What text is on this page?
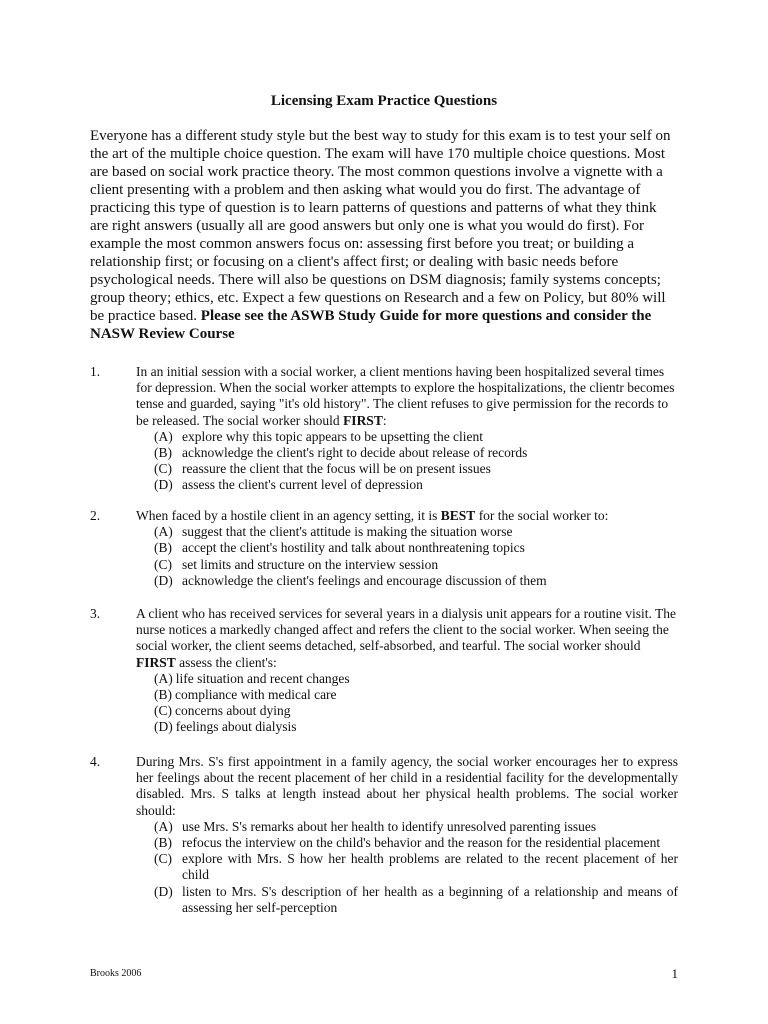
Licensing Exam Practice Questions
Everyone has a different study style but the best way to study for this exam is to test your self on the art of the multiple choice question. The exam will have 170 multiple choice questions. Most are based on social work practice theory. The most common questions involve a vignette with a client presenting with a problem and then asking what would you do first. The advantage of practicing this type of question is to learn patterns of questions and patterns of what they think are right answers (usually all are good answers but only one is what you would do first). For example the most common answers focus on: assessing first before you treat; or building a relationship first; or focusing on a client's affect first; or dealing with basic needs before psychological needs. There will also be questions on DSM diagnosis; family systems concepts; group theory; ethics, etc. Expect a few questions on Research and a few on Policy, but 80% will be practice based. Please see the ASWB Study Guide for more questions and consider the NASW Review Course
1.	In an initial session with a social worker, a client mentions having been hospitalized several times for depression. When the social worker attempts to explore the hospitalizations, the clientr becomes tense and guarded, saying "it's old history". The client refuses to give permission for the records to be released. The social worker should FIRST:
(A) explore why this topic appears to be upsetting the client
(B) acknowledge the client's right to decide about release of records
(C) reassure the client that the focus will be on present issues
(D) assess the client's current level of depression
2.	When faced by a hostile client in an agency setting, it is BEST for the social worker to:
(A) suggest that the client's attitude is making the situation worse
(B) accept the client's hostility and talk about nonthreatening topics
(C) set limits and structure on the interview session
(D) acknowledge the client's feelings and encourage discussion of them
3.	A client who has received services for several years in a dialysis unit appears for a routine visit. The nurse notices a markedly changed affect and refers the client to the social worker. When seeing the social worker, the client seems detached, self-absorbed, and tearful. The social worker should FIRST assess the client's:
(A) life situation and recent changes
(B) compliance with medical care
(C) concerns about dying
(D) feelings about dialysis
4.	During Mrs. S's first appointment in a family agency, the social worker encourages her to express her feelings about the recent placement of her child in a residential facility for the developmentally disabled. Mrs. S talks at length instead about her physical health problems. The social worker should:
(A) use Mrs. S's remarks about her health to identify unresolved parenting issues
(B) refocus the interview on the child's behavior and the reason for the residential placement
(C) explore with Mrs. S how her health problems are related to the recent placement of her child
(D) listen to Mrs. S's description of her health as a beginning of a relationship and means of assessing her self-perception
Brooks 2006	1
